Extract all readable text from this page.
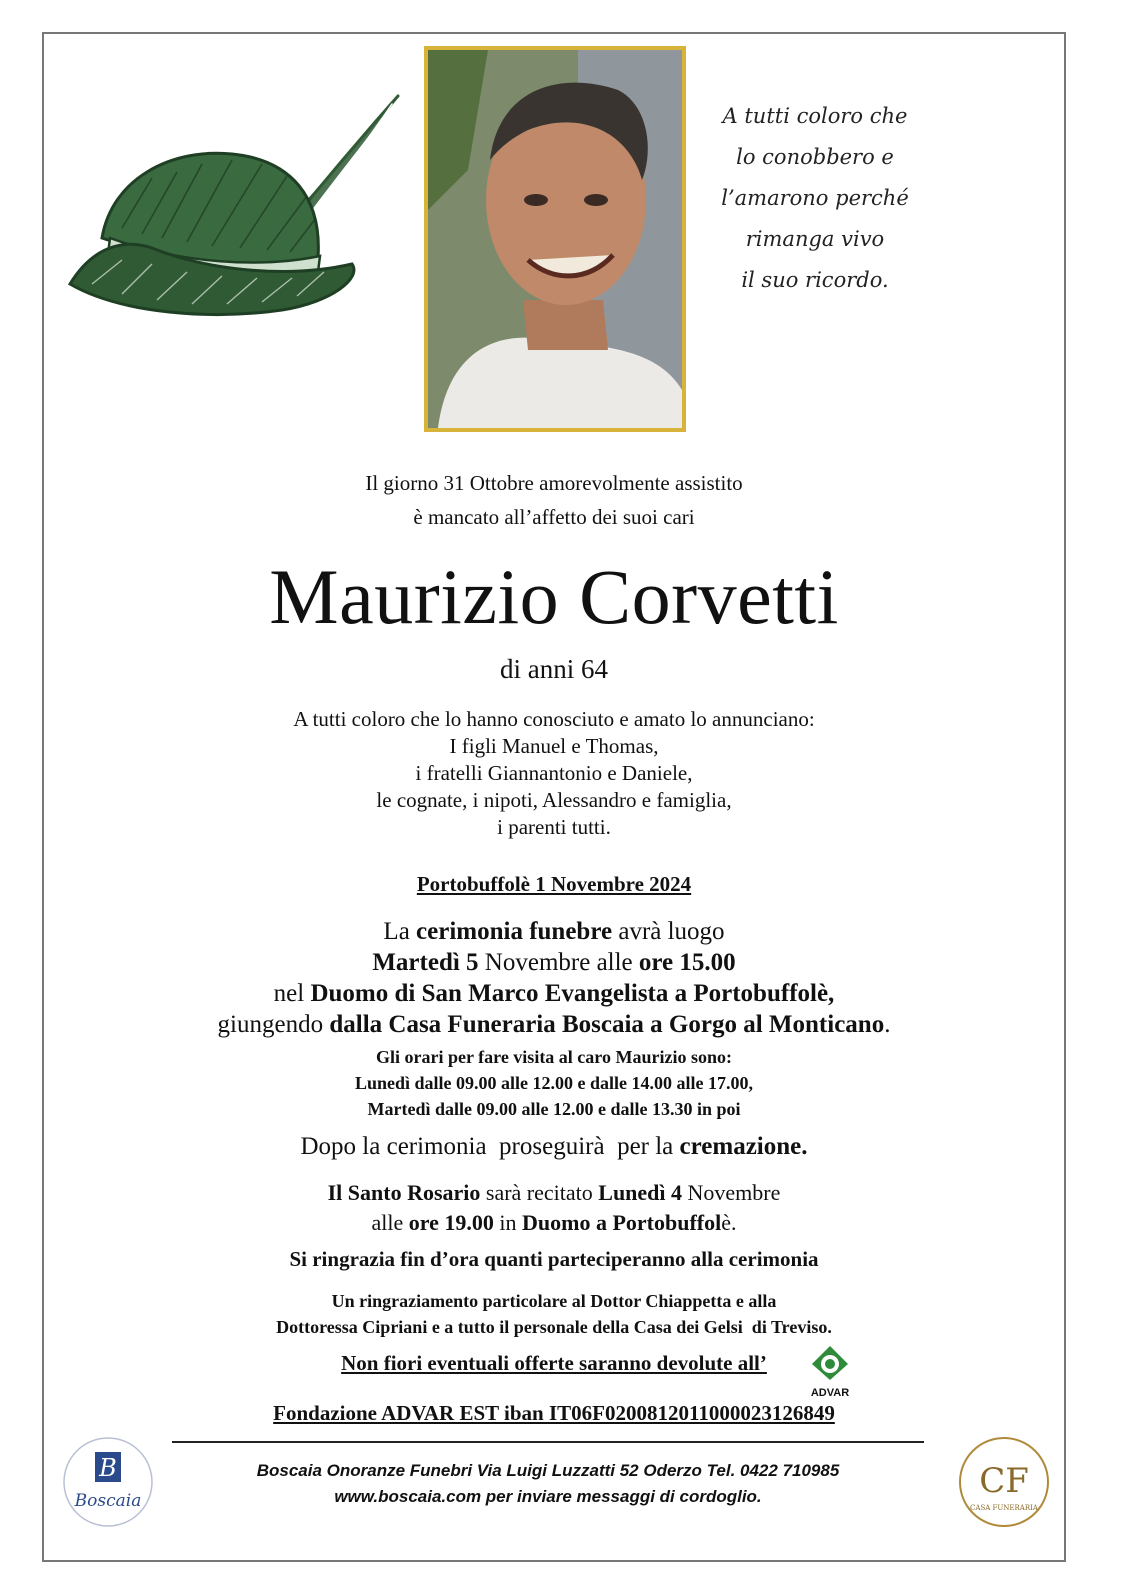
A tutti coloro che
lo conobbero e
l’amarono perché
rimanga vivo
il suo ricordo.
Il giorno 31 Ottobre amorevolmente assistito
è mancato all’affetto dei suoi cari
Maurizio Corvetti
di anni 64
A tutti coloro che lo hanno conosciuto e amato lo annunciano:
I figli Manuel e Thomas,
i fratelli Giannantonio e Daniele,
le cognate, i nipoti, Alessandro e famiglia,
i parenti tutti.
Portobuffolè 1 Novembre 2024
La cerimonia funebre avrà luogo
Martedì 5 Novembre alle ore 15.00
nel Duomo di San Marco Evangelista a Portobuffolè,
giungendo dalla Casa Funeraria Boscaia a Gorgo al Monticano.
Gli orari per fare visita al caro Maurizio sono:
Lunedì dalle 09.00 alle 12.00 e dalle 14.00 alle 17.00,
Martedì dalle 09.00 alle 12.00 e dalle 13.30 in poi
Dopo la cerimonia  proseguirà  per la cremazione.
Il Santo Rosario sarà recitato Lunedì 4 Novembre
alle ore 19.00 in Duomo a Portobuffolè.
Si ringrazia fin d’ora quanti parteciperanno alla cerimonia
Un ringraziamento particolare al Dottor Chiappetta e alla
Dottoressa Cipriani e a tutto il personale della Casa dei Gelsi  di Treviso.
Non fiori eventuali offerte saranno devolute all’
ADVAR
Fondazione ADVAR EST iban IT06F0200812011000023126849
Boscaia Onoranze Funebri Via Luigi Luzzatti 52 Oderzo Tel. 0422 710985
www.boscaia.com per inviare messaggi di cordoglio.
B
Boscaia	CF
CASA FUNERARIA
